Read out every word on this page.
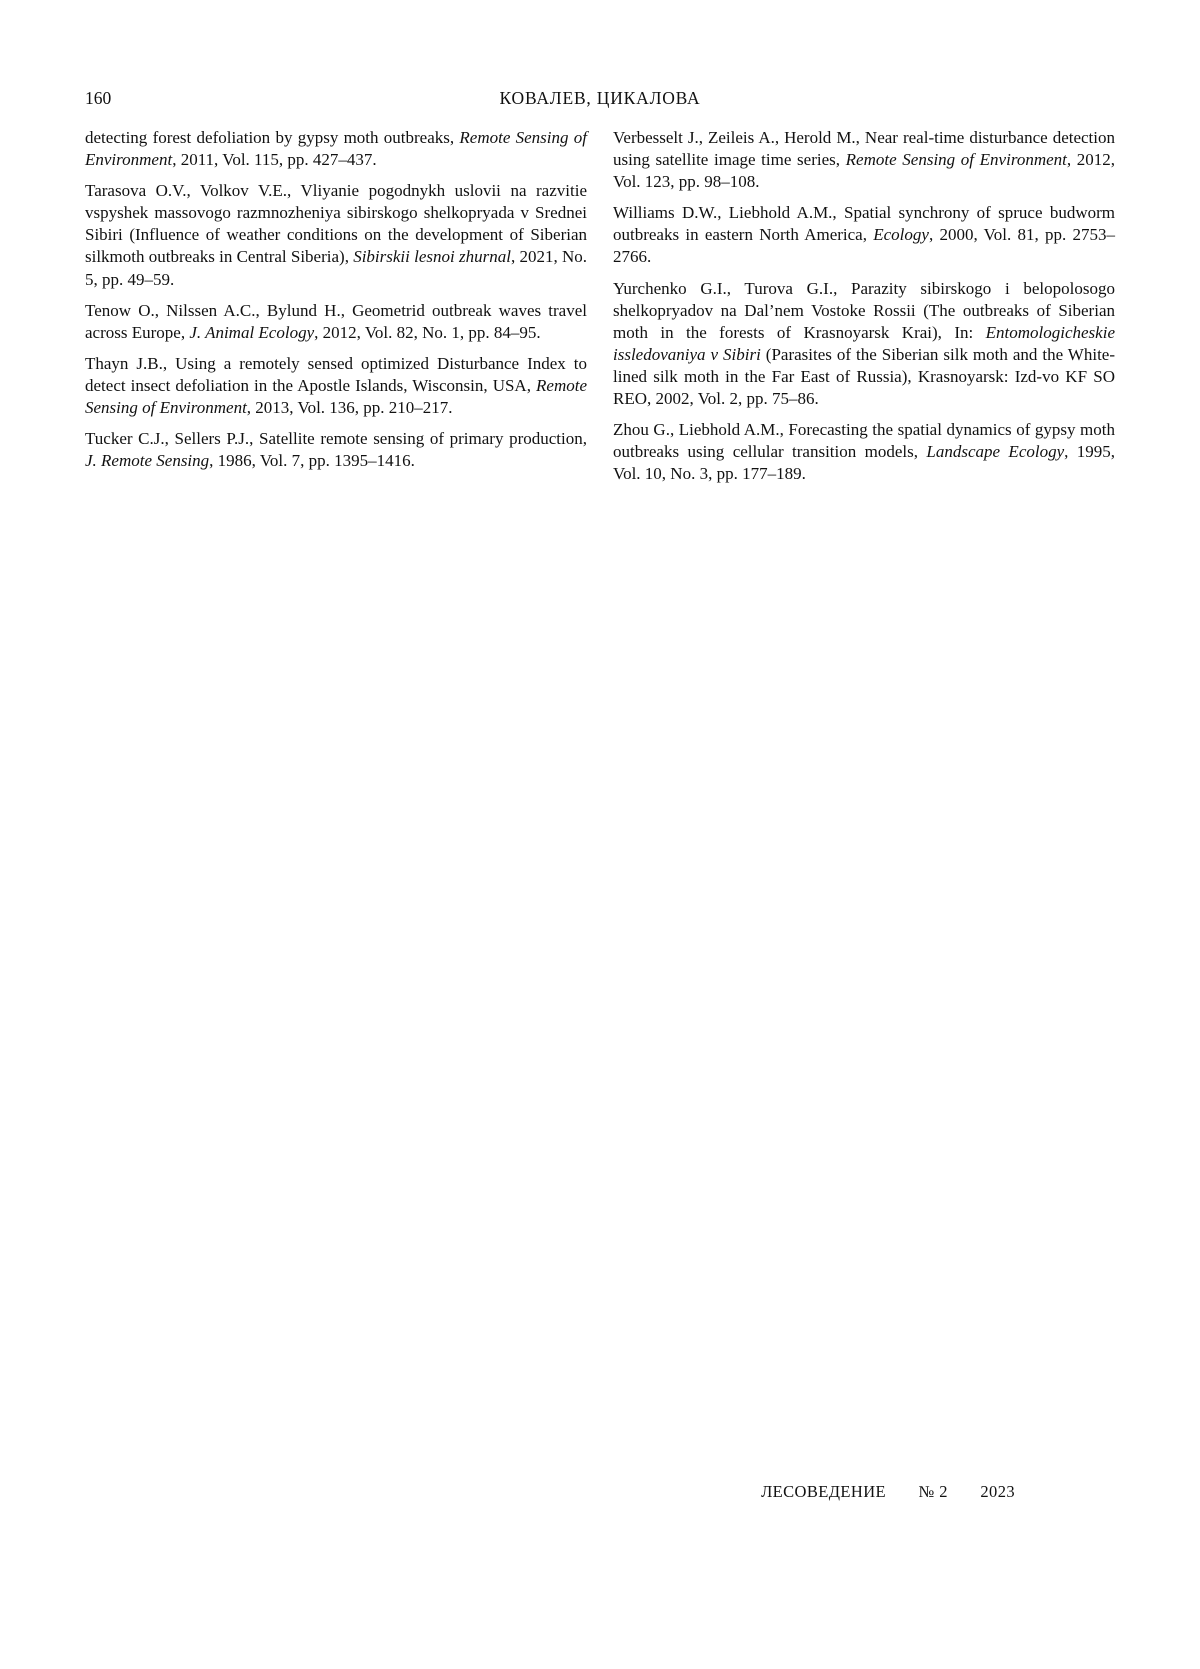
160	КОВАЛЕВ, ЦИКАЛОВА

detecting forest defoliation by gypsy moth outbreaks, Remote Sensing of Environment, 2011, Vol. 115, pp. 427–437.

Tarasova O.V., Volkov V.E., Vliyanie pogodnykh uslovii na razvitie vspyshek massovogo razmnozheniya sibirskogo shelkopryada v Srednei Sibiri (Influence of weather conditions on the development of Siberian silkmoth outbreaks in Central Siberia), Sibirskii lesnoi zhurnal, 2021, No. 5, pp. 49–59.

Tenow O., Nilssen A.C., Bylund H., Geometrid outbreak waves travel across Europe, J. Animal Ecology, 2012, Vol. 82, No. 1, pp. 84–95.

Thayn J.B., Using a remotely sensed optimized Disturbance Index to detect insect defoliation in the Apostle Islands, Wisconsin, USA, Remote Sensing of Environment, 2013, Vol. 136, pp. 210–217.

Tucker C.J., Sellers P.J., Satellite remote sensing of primary production, J. Remote Sensing, 1986, Vol. 7, pp. 1395–1416.

Verbesselt J., Zeileis A., Herold M., Near real-time disturbance detection using satellite image time series, Remote Sensing of Environment, 2012, Vol. 123, pp. 98–108.

Williams D.W., Liebhold A.M., Spatial synchrony of spruce budworm outbreaks in eastern North America, Ecology, 2000, Vol. 81, pp. 2753–2766.

Yurchenko G.I., Turova G.I., Parazity sibirskogo i belopolosogo shelkopryadov na Dal’nem Vostoke Rossii (The outbreaks of Siberian moth in the forests of Krasnoyarsk Krai), In: Entomologicheskie issledovaniya v Sibiri (Parasites of the Siberian silk moth and the White-lined silk moth in the Far East of Russia), Krasnoyarsk: Izd-vo KF SO REO, 2002, Vol. 2, pp. 75–86.

Zhou G., Liebhold A.M., Forecasting the spatial dynamics of gypsy moth outbreaks using cellular transition models, Landscape Ecology, 1995, Vol. 10, No. 3, pp. 177–189.

ЛЕСОВЕДЕНИЕ № 2 2023
